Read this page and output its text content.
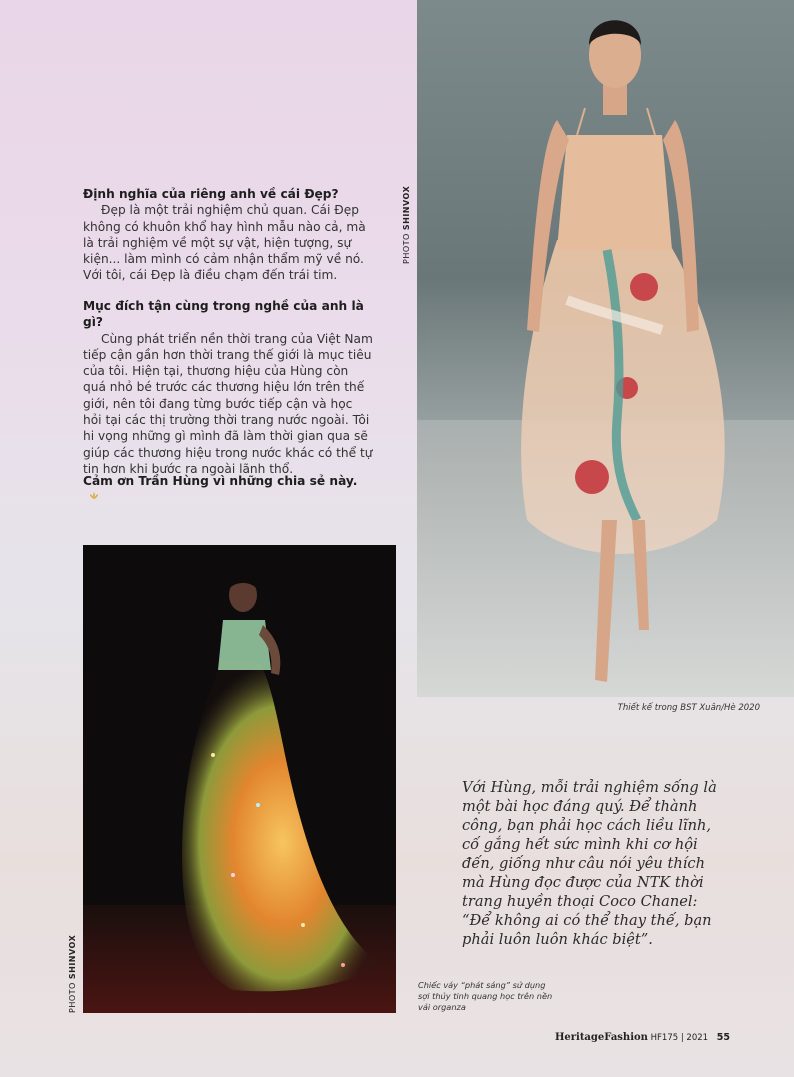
Định nghĩa của riêng anh về cái Đẹp?
Đẹp là một trải nghiệm chủ quan. Cái Đẹp không có khuôn khổ hay hình mẫu nào cả, mà là trải nghiệm về một sự vật, hiện tượng, sự kiện... làm mình có cảm nhận thẩm mỹ về nó. Với tôi, cái Đẹp là điều chạm đến trái tim.
Mục đích tận cùng trong nghề của anh là gì?
Cùng phát triển nền thời trang của Việt Nam tiếp cận gần hơn thời trang thế giới là mục tiêu của tôi. Hiện tại, thương hiệu của Hùng còn quá nhỏ bé trước các thương hiệu lớn trên thế giới, nên tôi đang từng bước tiếp cận và học hỏi tại các thị trường thời trang nước ngoài. Tôi hi vọng những gì mình đã làm thời gian qua sẽ giúp các thương hiệu trong nước khác có thể tự tin hơn khi bước ra ngoài lãnh thổ.
Cảm ơn Trần Hùng vì những chia sẻ này.
PHOTO SHINVOX
Thiết kế trong BST Xuân/Hè 2020
PHOTO SHINVOX
Với Hùng, mỗi trải nghiệm sống là một bài học đáng quý. Để thành công, bạn phải học cách liều lĩnh, cố gắng hết sức mình khi cơ hội đến, giống như câu nói yêu thích mà Hùng đọc được của NTK thời trang huyền thoại Coco Chanel: “Để không ai có thể thay thế, bạn phải luôn luôn khác biệt”.
Chiếc váy “phát sáng” sử dụng sợi thủy tinh quang học trên nền vải organza
HeritageFashion HF175 | 2021 55
